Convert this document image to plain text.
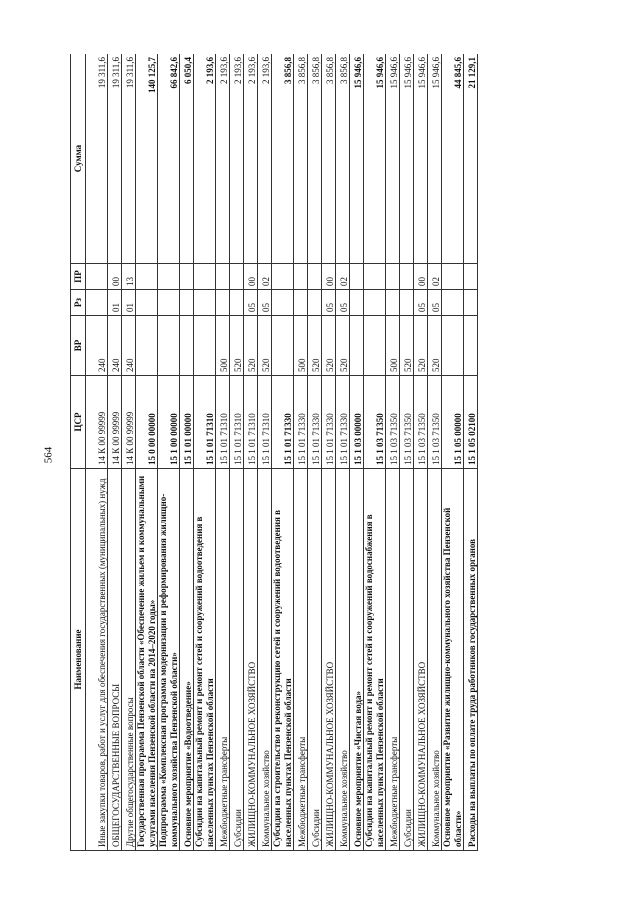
564
Наименование	ЦСР	ВР	Рз	ПР	Сумма
Иные закупки товаров, работ и услуг для обеспечения государственных (муниципальных) нужд	14 К 00 99999	240			19 311,6
ОБЩЕГОСУДАРСТВЕННЫЕ ВОПРОСЫ	14 К 00 99999	240	01	00	19 311,6
Другие общегосударственные вопросы	14 К 00 99999	240	01	13	19 311,6
Государственная программа Пензенской области «Обеспечение жильем и коммунальными услугами населения Пензенской области на 2014–2020 годы»	15 0 00 00000				140 125,7
Подпрограмма «Комплексная программа модернизации и реформирования жилищно-коммунального хозяйства Пензенской области»	15 1 00 00000				66 842,6
Основное мероприятие «Водоотведение»	15 1 01 00000				6 050,4
Субсидии на капитальный ремонт и ремонт сетей и сооружений водоотведения в населенных пунктах Пензенской области	15 1 01 71310				2 193,6
Межбюджетные трансферты	15 1 01 71310	500			2 193,6
Субсидии	15 1 01 71310	520			2 193,6
ЖИЛИЩНО-КОММУНАЛЬНОЕ ХОЗЯЙСТВО	15 1 01 71310	520	05	00	2 193,6
Коммунальное хозяйство	15 1 01 71310	520	05	02	2 193,6
Субсидии на строительство и реконструкцию сетей и сооружений водоотведения в населенных пунктах Пензенской области	15 1 01 71330				3 856,8
Межбюджетные трансферты	15 1 01 71330	500			3 856,8
Субсидии	15 1 01 71330	520			3 856,8
ЖИЛИЩНО-КОММУНАЛЬНОЕ ХОЗЯЙСТВО	15 1 01 71330	520	05	00	3 856,8
Коммунальное хозяйство	15 1 01 71330	520	05	02	3 856,8
Основное мероприятие «Чистая вода»	15 1 03 00000				15 946,6
Субсидии на капитальный ремонт и ремонт сетей и сооружений водоснабжения в населенных пунктах Пензенской области	15 1 03 71350				15 946,6
Межбюджетные трансферты	15 1 03 71350	500			15 946,6
Субсидии	15 1 03 71350	520			15 946,6
ЖИЛИЩНО-КОММУНАЛЬНОЕ ХОЗЯЙСТВО	15 1 03 71350	520	05	00	15 946,6
Коммунальное хозяйство	15 1 03 71350	520	05	02	15 946,6
Основное мероприятие «Развитие жилищно-коммунального хозяйства Пензенской области»	15 1 05 00000				44 845,6
Расходы на выплаты по оплате труда работников государственных органов	15 1 05 02100				21 129,1
